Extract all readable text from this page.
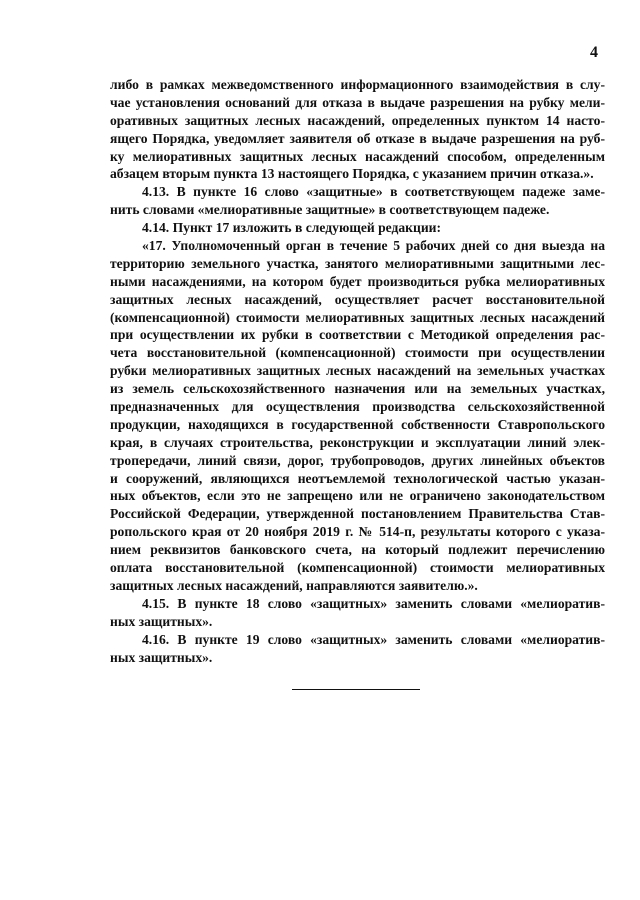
4
либо в рамках межведомственного информационного взаимодействия в слу-
чае установления оснований для отказа в выдаче разрешения на рубку мели-
оративных защитных лесных насаждений, определенных пунктом 14 насто-
ящего Порядка, уведомляет заявителя об отказе в выдаче разрешения на руб-
ку мелиоративных защитных лесных насаждений способом, определенным
абзацем вторым пункта 13 настоящего Порядка, с указанием причин отказа.».
4.13. В пункте 16 слово «защитные» в соответствующем падеже заме-
нить словами «мелиоративные защитные» в соответствующем падеже.
4.14. Пункт 17 изложить в следующей редакции:
«17. Уполномоченный орган в течение 5 рабочих дней со дня выезда на
территорию земельного участка, занятого мелиоративными защитными лес-
ными насаждениями, на котором будет производиться рубка мелиоративных
защитных лесных насаждений, осуществляет расчет восстановительной
(компенсационной) стоимости мелиоративных защитных лесных насаждений
при осуществлении их рубки в соответствии с Методикой определения рас-
чета восстановительной (компенсационной) стоимости при осуществлении
рубки мелиоративных защитных лесных насаждений на земельных участках
из земель сельскохозяйственного назначения или на земельных участках,
предназначенных для осуществления производства сельскохозяйственной
продукции, находящихся в государственной собственности Ставропольского
края, в случаях строительства, реконструкции и эксплуатации линий элек-
тропередачи, линий связи, дорог, трубопроводов, других линейных объектов
и сооружений, являющихся неотъемлемой технологической частью указан-
ных объектов, если это не запрещено или не ограничено законодательством
Российской Федерации, утвержденной постановлением Правительства Став-
ропольского края от 20 ноября 2019 г. № 514-п, результаты которого с указа-
нием реквизитов банковского счета, на который подлежит перечислению
оплата восстановительной (компенсационной) стоимости мелиоративных
защитных лесных насаждений, направляются заявителю.».
4.15. В пункте 18 слово «защитных» заменить словами «мелиоратив-
ных защитных».
4.16. В пункте 19 слово «защитных» заменить словами «мелиоратив-
ных защитных».
